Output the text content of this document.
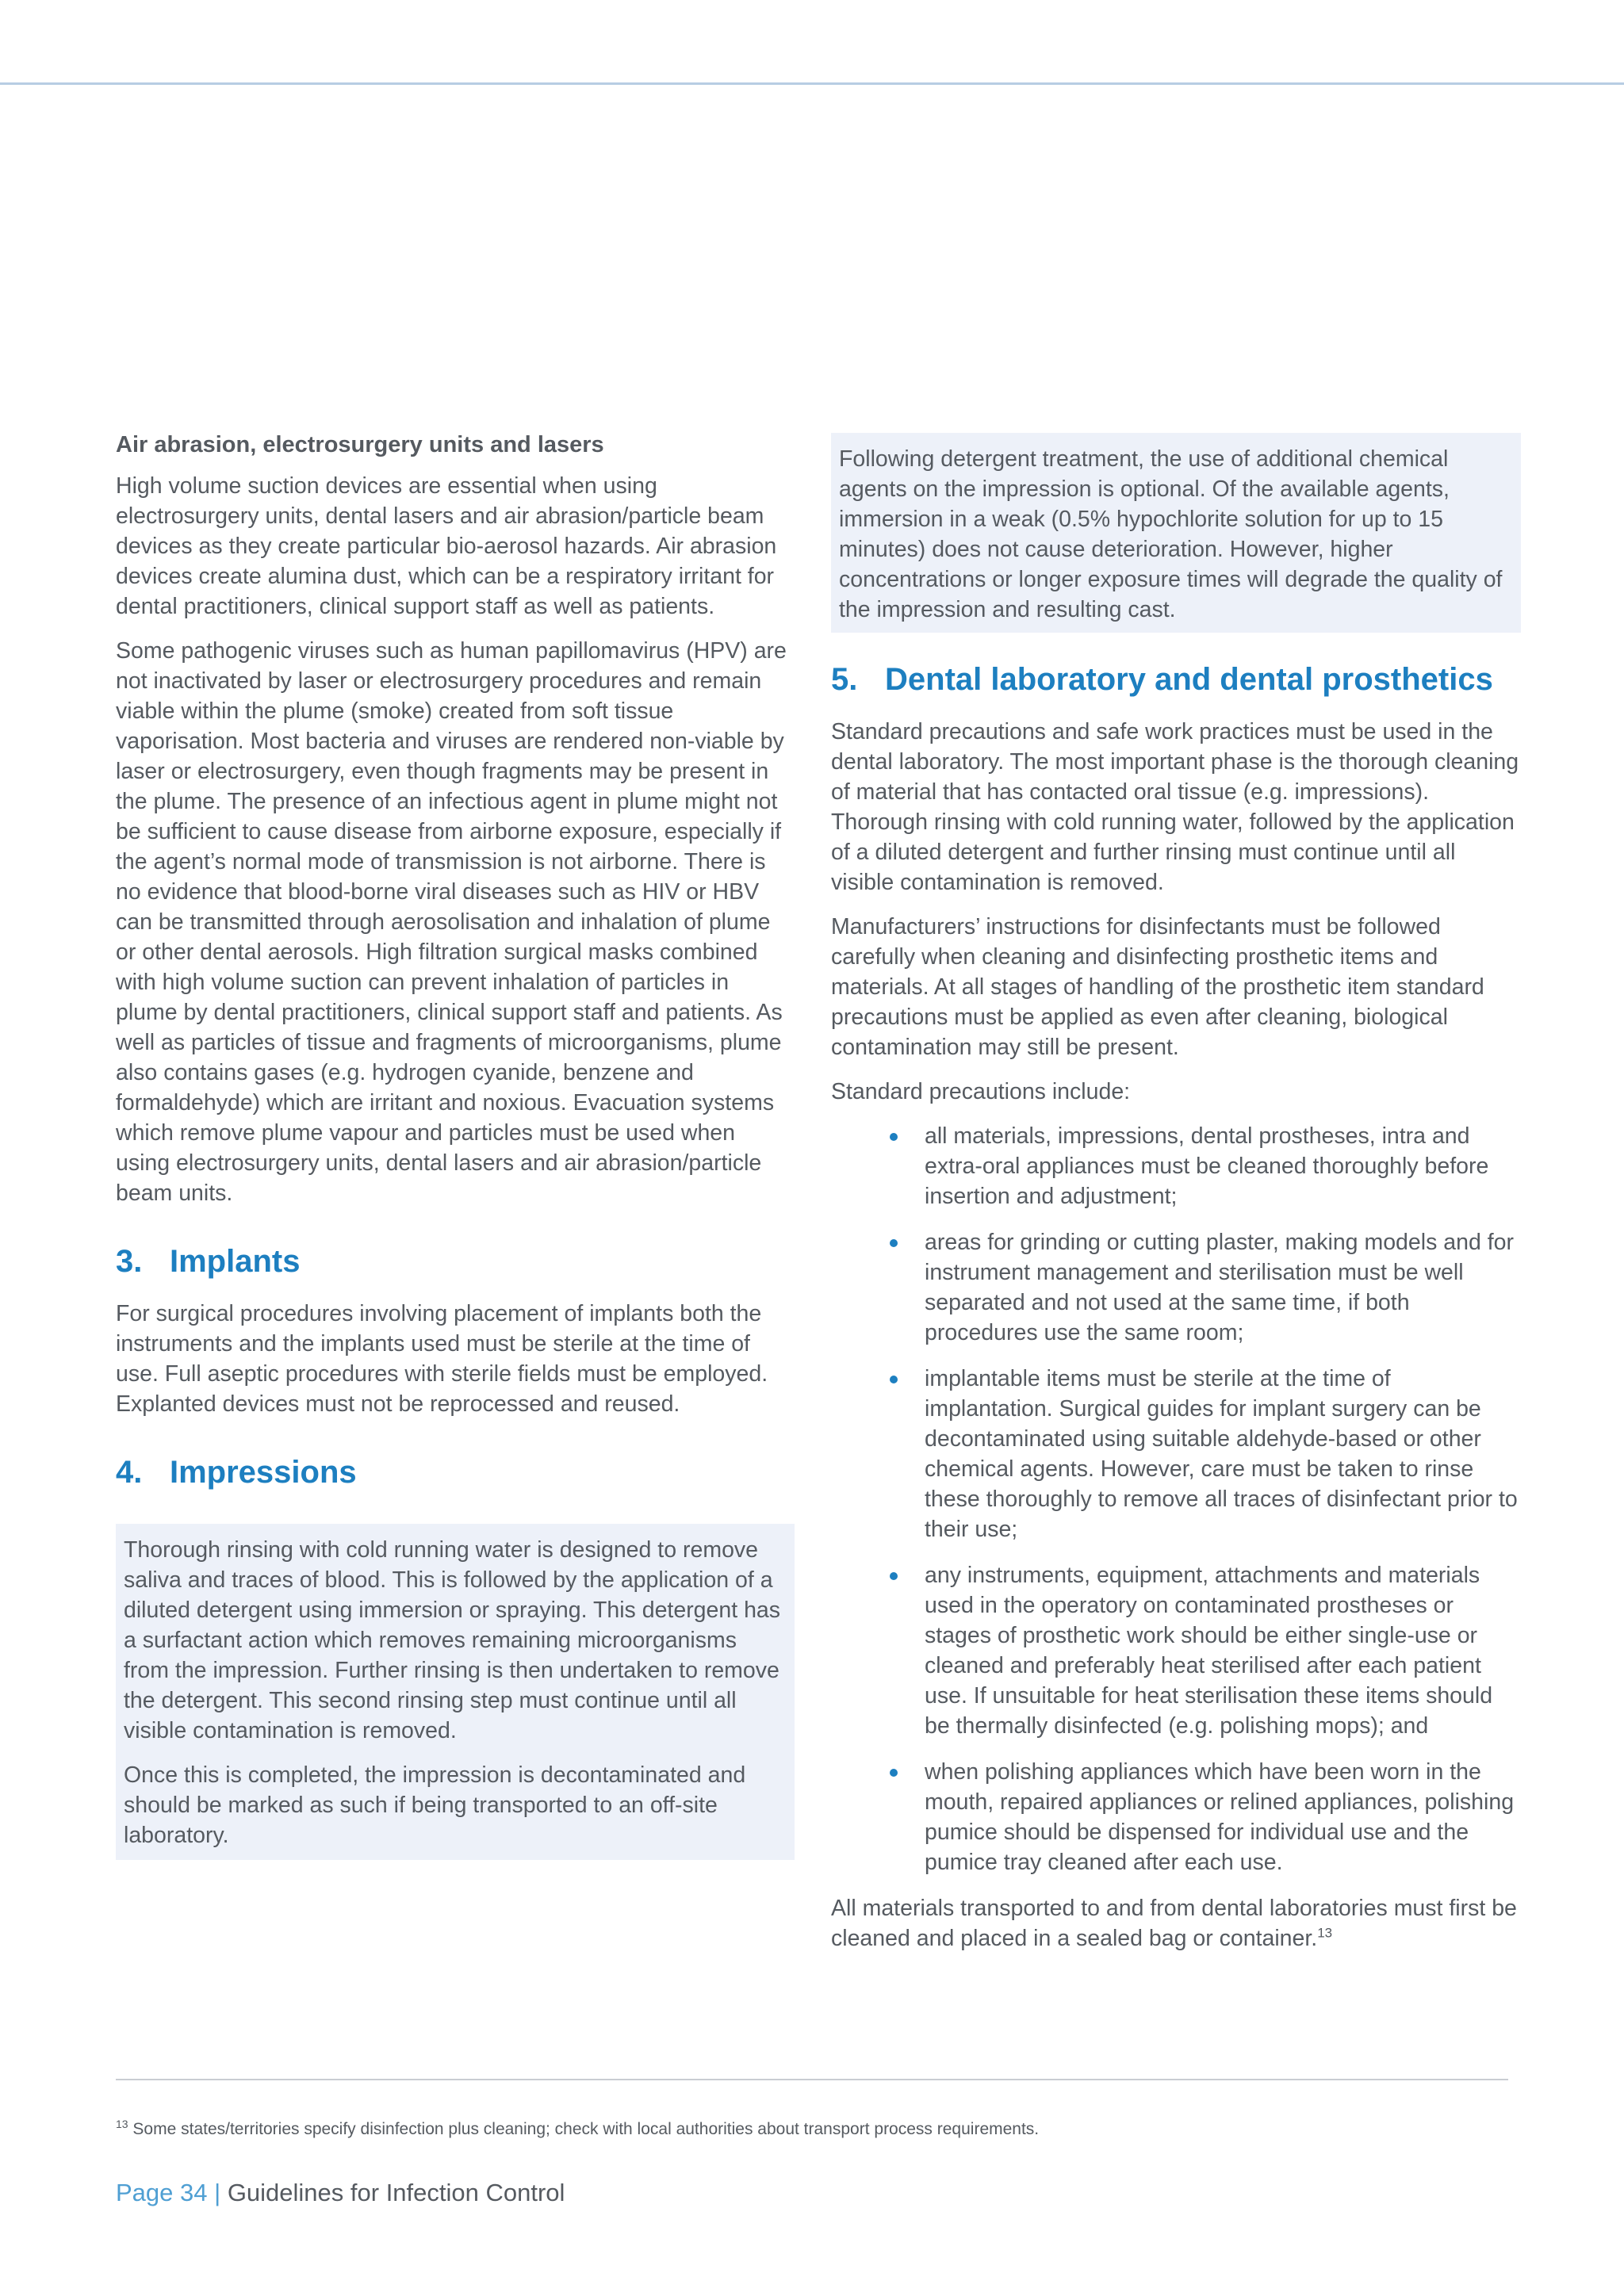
Air abrasion, electrosurgery units and lasers

High volume suction devices are essential when using electrosurgery units, dental lasers and air abrasion/particle beam devices as they create particular bio-aerosol hazards. Air abrasion devices create alumina dust, which can be a respiratory irritant for dental practitioners, clinical support staff as well as patients.

Some pathogenic viruses such as human papillomavirus (HPV) are not inactivated by laser or electrosurgery procedures and remain viable within the plume (smoke) created from soft tissue vaporisation. Most bacteria and viruses are rendered non-viable by laser or electrosurgery, even though fragments may be present in the plume. The presence of an infectious agent in plume might not be sufficient to cause disease from airborne exposure, especially if the agent’s normal mode of transmission is not airborne. There is no evidence that blood-borne viral diseases such as HIV or HBV can be transmitted through aerosolisation and inhalation of plume or other dental aerosols. High filtration surgical masks combined with high volume suction can prevent inhalation of particles in plume by dental practitioners, clinical support staff and patients. As well as particles of tissue and fragments of microorganisms, plume also contains gases (e.g. hydrogen cyanide, benzene and formaldehyde) which are irritant and noxious. Evacuation systems which remove plume vapour and particles must be used when using electrosurgery units, dental lasers and air abrasion/particle beam units.

3. Implants

For surgical procedures involving placement of implants both the instruments and the implants used must be sterile at the time of use. Full aseptic procedures with sterile fields must be employed. Explanted devices must not be reprocessed and reused.

4. Impressions

Thorough rinsing with cold running water is designed to remove saliva and traces of blood. This is followed by the application of a diluted detergent using immersion or spraying. This detergent has a surfactant action which removes remaining microorganisms from the impression. Further rinsing is then undertaken to remove the detergent. This second rinsing step must continue until all visible contamination is removed.

Once this is completed, the impression is decontaminated and should be marked as such if being transported to an off-site laboratory.

Following detergent treatment, the use of additional chemical agents on the impression is optional. Of the available agents, immersion in a weak (0.5% hypochlorite solution for up to 15 minutes) does not cause deterioration. However, higher concentrations or longer exposure times will degrade the quality of the impression and resulting cast.

5. Dental laboratory and dental prosthetics

Standard precautions and safe work practices must be used in the dental laboratory. The most important phase is the thorough cleaning of material that has contacted oral tissue (e.g. impressions). Thorough rinsing with cold running water, followed by the application of a diluted detergent and further rinsing must continue until all visible contamination is removed.

Manufacturers’ instructions for disinfectants must be followed carefully when cleaning and disinfecting prosthetic items and materials. At all stages of handling of the prosthetic item standard precautions must be applied as even after cleaning, biological contamination may still be present.

Standard precautions include:

all materials, impressions, dental prostheses, intra and extra-oral appliances must be cleaned thoroughly before insertion and adjustment;
areas for grinding or cutting plaster, making models and for instrument management and sterilisation must be well separated and not used at the same time, if both procedures use the same room;
implantable items must be sterile at the time of implantation. Surgical guides for implant surgery can be decontaminated using suitable aldehyde-based or other chemical agents. However, care must be taken to rinse these thoroughly to remove all traces of disinfectant prior to their use;
any instruments, equipment, attachments and materials used in the operatory on contaminated prostheses or stages of prosthetic work should be either single-use or cleaned and preferably heat sterilised after each patient use. If unsuitable for heat sterilisation these items should be thermally disinfected (e.g. polishing mops); and
when polishing appliances which have been worn in the mouth, repaired appliances or relined appliances, polishing pumice should be dispensed for individual use and the pumice tray cleaned after each use.

All materials transported to and from dental laboratories must first be cleaned and placed in a sealed bag or container.$^{13}$

$^{13}$ Some states/territories specify disinfection plus cleaning; check with local authorities about transport process requirements.
Page 34 | Guidelines for Infection Control
